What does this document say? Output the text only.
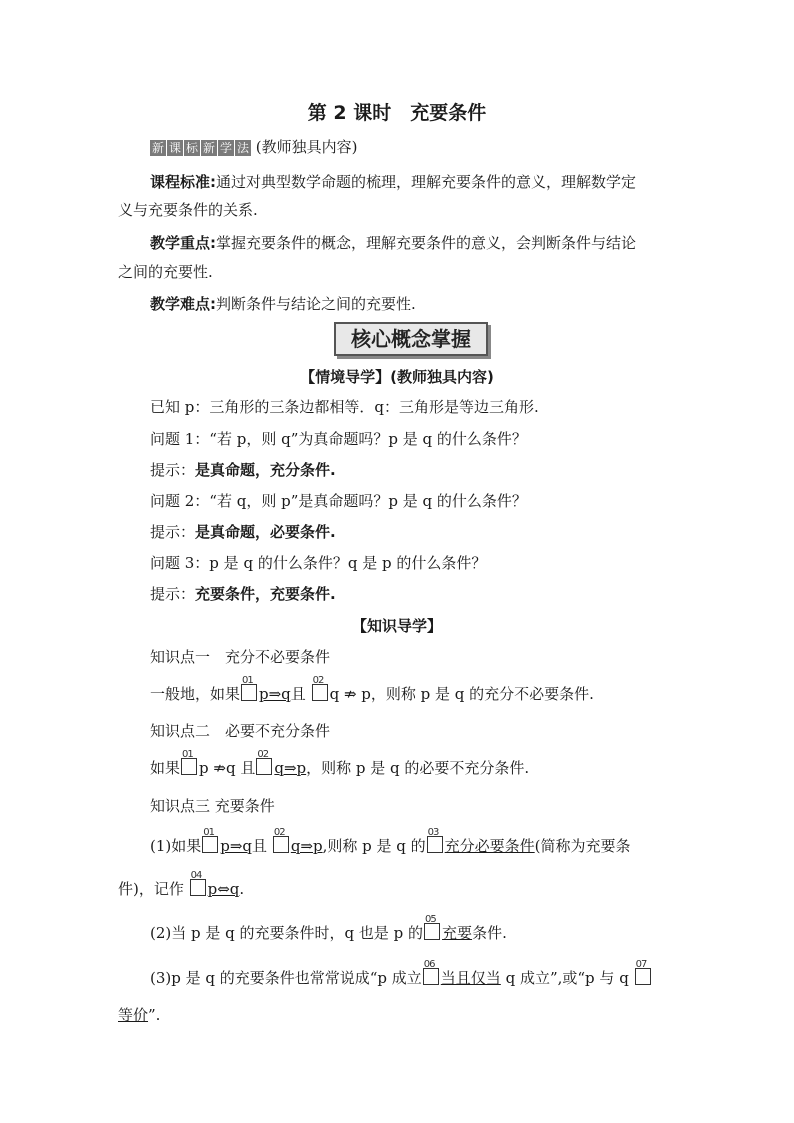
第 2 课时　充要条件
新 课 标 新 学 法 (教师独具内容)
课程标准:通过对典型数学命题的梳理，理解充要条件的意义，理解数学定
义与充要条件的关系.
教学重点:掌握充要条件的概念，理解充要条件的意义，会判断条件与结论
之间的充要性.
教学难点:判断条件与结论之间的充要性.
核心概念掌握
【情境导学】(教师独具内容)
已知 p：三角形的三条边都相等．q：三角形是等边三角形.
问题 1：“若 p，则 q”为真命题吗？p 是 q 的什么条件？
提示：是真命题，充分条件.
问题 2：“若 q，则 p”是真命题吗？p 是 q 的什么条件？
提示：是真命题，必要条件.
问题 3：p 是 q 的什么条件？q 是 p 的什么条件？
提示：充要条件，充要条件.
【知识导学】
知识点一　充分不必要条件
一般地，如果
01
p⇒q且
02
q ⇏ p，则称 p 是 q 的充分不必要条件.
知识点二　必要不充分条件
如果
01
p ⇏q 且
02
q⇒p，则称 p 是 q 的必要不充分条件.
知识点三 充要条件
(1)如果
01
p⇒q且
02
q⇒p,则称 p 是 q 的
03
充分必要条件(简称为充要条
件)，记作
04
p⇔q.
(2)当 p 是 q 的充要条件时，q 也是 p 的
05
充要条件.
(3)p 是 q 的充要条件也常常说成“p 成立
06
当且仅当 q 成立”,或“p 与 q
07
等价”.
